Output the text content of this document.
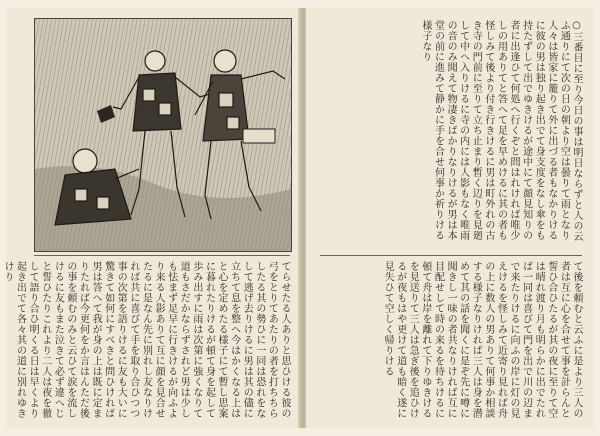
てらせたる人ありと思ひける彼の弓をとりてあたりの者を打ちちらしたる其の勢ひに一同は恐れをなして逃げ去りけるに男は其の儘に立ちて息を整へ今はかくなる上はと心を定めたる様子にて暫し思案に暮れたりけるが頓て身を起して歩み出すに雨は次第に強くなりて道もさだかならずされど男は少しも怯まず足早に行きけるが向ふより来る人影ありて互に顔を見合せたるに是なん先に別れし友なりければ共に喜びて手を取り合ひつつ事の次第を語りけるに友も大いに驚きて如何にすべきと問ひければ男は答へて我が身の上は既に定まりたれば今更何をか言はんただ後の事を頼むのみと云ひて涙を流しけるに友もまた泣きて必ず違へじと誓ひたりこれより二人は夜を徹して語り合ひ明くる日は早くより起き出でて各々其の道に別れゆきけり
○三番目に至り今日の事は明日ならずと人の云ふ通りにて次の日の朝より空は曇りて雨となり人々は皆家に籠りて外に出づる者もなかりけるに彼の男は独り起き出でて身支度をなし傘をも持たずして出でゆきけるが途中にて顔見知りの者に出逢ひて何処へ行くぞと問はれければ唯少しの用ありてと答へて足を早めけるに其の者も怪しみて後より付き行きけるに男は町外れの古き寺の門前に至りて立ち止まり暫く辺りを見廻して中へ入りけるに寺の内には人影もなく唯雨の音のみ聞えて物凄きばかりなりけるが男は本堂の前に進みて静かに手を合せ何事か祈りける様子なり
て後を頼むと云ふに是より三人の者は互に心を合せて事を計らんと誓ひ合ひたるが其の夜に至りて空は晴れ渡り月も明らかに出でたれば一同は喜びて門を出で川の辺まで来たりけるに向ふの岸に灯の見えけるを怪しみて近寄り見れば舟の上に数人の男ありて何事か相談する様子なりければ三人は身を潜めて其の話を聞くに是ぞ先に噂に聞きし一味の者共なりければ互に目配せして時の来るを待ちけるに頓て舟は岸を離れて下りゆきけるを見送りて三人は急ぎ後を追ひけるが夜もはや更けて道も暗く遂に見失ひて空しく帰りける
